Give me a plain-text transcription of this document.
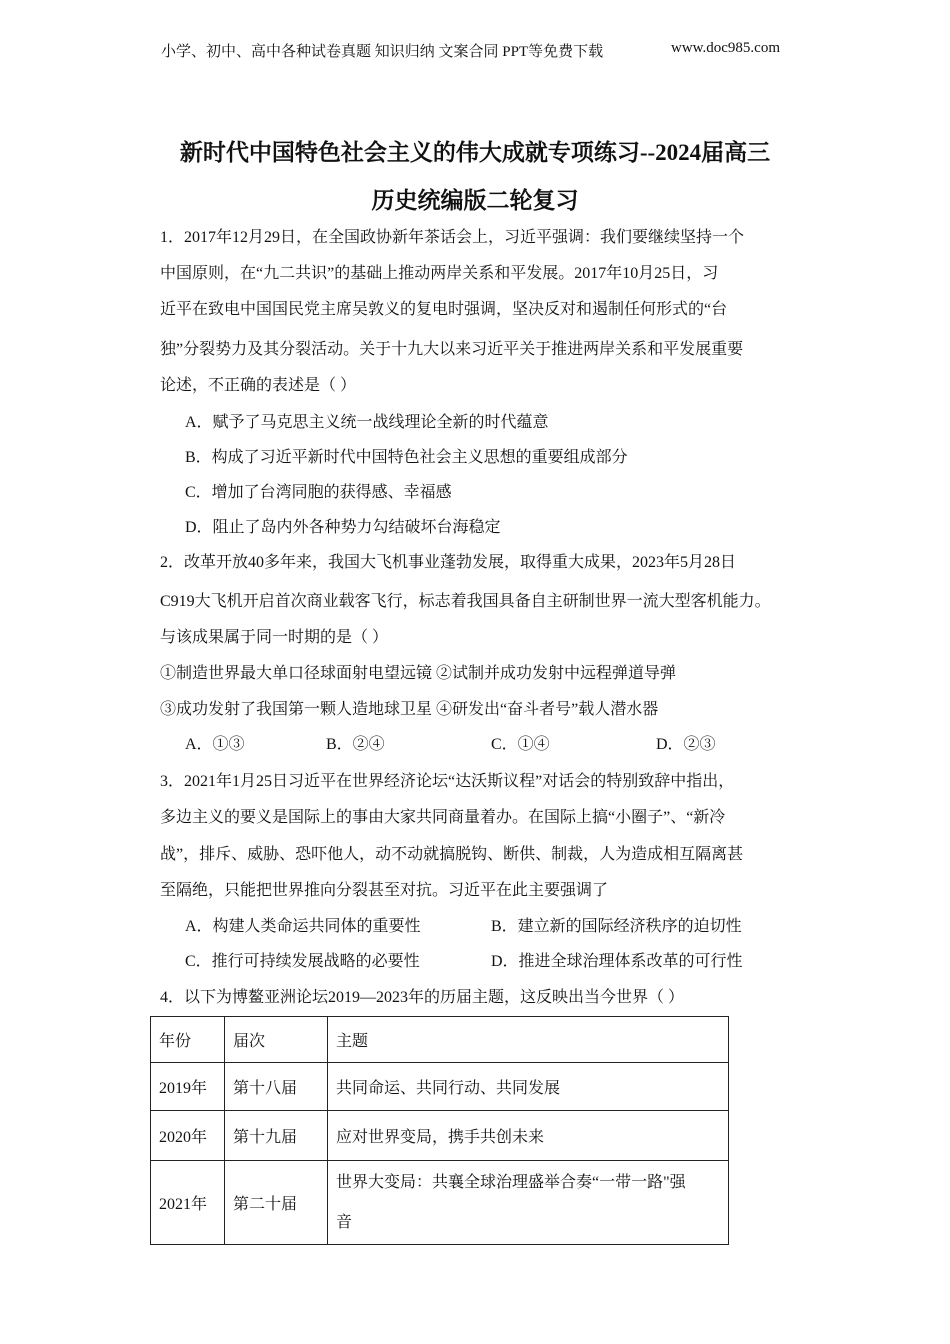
小学、初中、高中各种试卷真题 知识归纳 文案合同 PPT等免费下载	www.doc985.com
新时代中国特色社会主义的伟大成就专项练习--2024届高三
历史统编版二轮复习
1．2017年12月29日，在全国政协新年茶话会上，习近平强调：我们要继续坚持一个
中国原则，在“九二共识”的基础上推动两岸关系和平发展。2017年10月25日，习
近平在致电中国国民党主席吴敦义的复电时强调，坚决反对和遏制任何形式的“台
独”分裂势力及其分裂活动。关于十九大以来习近平关于推进两岸关系和平发展重要
论述，不正确的表述是（ ）
A．赋予了马克思主义统一战线理论全新的时代蕴意
B．构成了习近平新时代中国特色社会主义思想的重要组成部分
C．增加了台湾同胞的获得感、幸福感
D．阻止了岛内外各种势力勾结破坏台海稳定
2．改革开放40多年来，我国大飞机事业蓬勃发展，取得重大成果，2023年5月28日
C919大飞机开启首次商业载客飞行，标志着我国具备自主研制世界一流大型客机能力。
与该成果属于同一时期的是（ ）
①制造世界最大单口径球面射电望远镜 ②试制并成功发射中远程弹道导弹
③成功发射了我国第一颗人造地球卫星 ④研发出“奋斗者号”载人潜水器
3．2021年1月25日习近平在世界经济论坛“达沃斯议程”对话会的特别致辞中指出，
多边主义的要义是国际上的事由大家共同商量着办。在国际上搞“小圈子”、“新冷
战”，排斥、威胁、恐吓他人，动不动就搞脱钩、断供、制裁，人为造成相互隔离甚
至隔绝，只能把世界推向分裂甚至对抗。习近平在此主要强调了
4．以下为博鳌亚洲论坛2019—2023年的历届主题，这反映出当今世界（ ）
A．①③	B．②④	C．①④	D．②③
A．构建人类命运共同体的重要性	B．建立新的国际经济秩序的迫切性
C．推行可持续发展战略的必要性	D．推进全球治理体系改革的可行性
年份	届次	主题
2019年	第十八届	共同命运、共同行动、共同发展
2020年	第十九届	应对世界变局，携手共创未来
2021年	第二十届	世界大变局：共襄全球治理盛举合奏“一带一路"强音
